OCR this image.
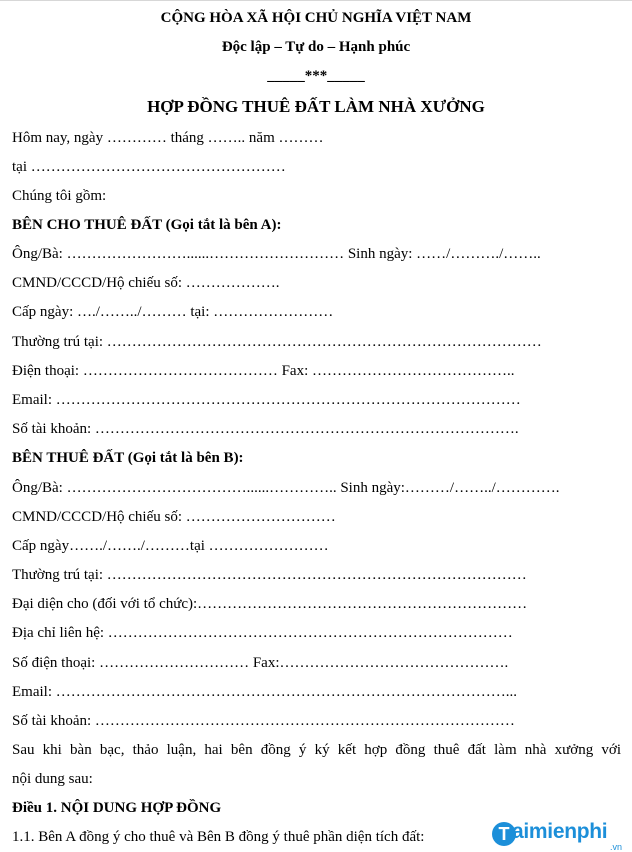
CỘNG HÒA XÃ HỘI CHỦ NGHĨA VIỆT NAM
Độc lập – Tự do – Hạnh phúc
_____***_____
HỢP ĐỒNG THUÊ ĐẤT LÀM NHÀ XƯỞNG
Hôm nay, ngày ………… tháng …….. năm ………
tại ……………………………………………
Chúng tôi gồm:
BÊN CHO THUÊ ĐẤT (Gọi tắt là bên A):
Ông/Bà: ……………………......……………………… Sinh ngày: ……/………./……..
CMND/CCCD/Hộ chiếu số: ……………….
Cấp ngày: …./……../……… tại: ……………………
Thường trú tại: ……………………………………………………………………………
Điện thoại: ………………………………… Fax: …………………………………..
Email: …………………………………………………………………………………
Số tài khoản: ………………………………………………………………………….
BÊN THUÊ ĐẤT (Gọi tắt là bên B):
Ông/Bà: ………………………………......………….. Sinh ngày:………/……../………….
CMND/CCCD/Hộ chiếu số: …………………………
Cấp ngày……./……./………tại ……………………
Thường trú tại: …………………………………………………………………………
Đại diện cho (đối với tổ chức):…………………………………………………………
Địa chỉ liên hệ: ………………………………………………………………………
Số điện thoại: ………………………… Fax:……………………………………….
Email: ………………………………………………………………………………...
Số tài khoản: …………………………………………………………………………
Sau khi bàn bạc, thảo luận, hai bên đồng ý ký kết hợp đồng thuê đất làm nhà xưởng với
nội dung sau:
Điều 1. NỘI DUNG HỢP ĐỒNG
1.1. Bên A đồng ý cho thuê và Bên B đồng ý thuê phần diện tích đất:	T aimienphi
.vn
